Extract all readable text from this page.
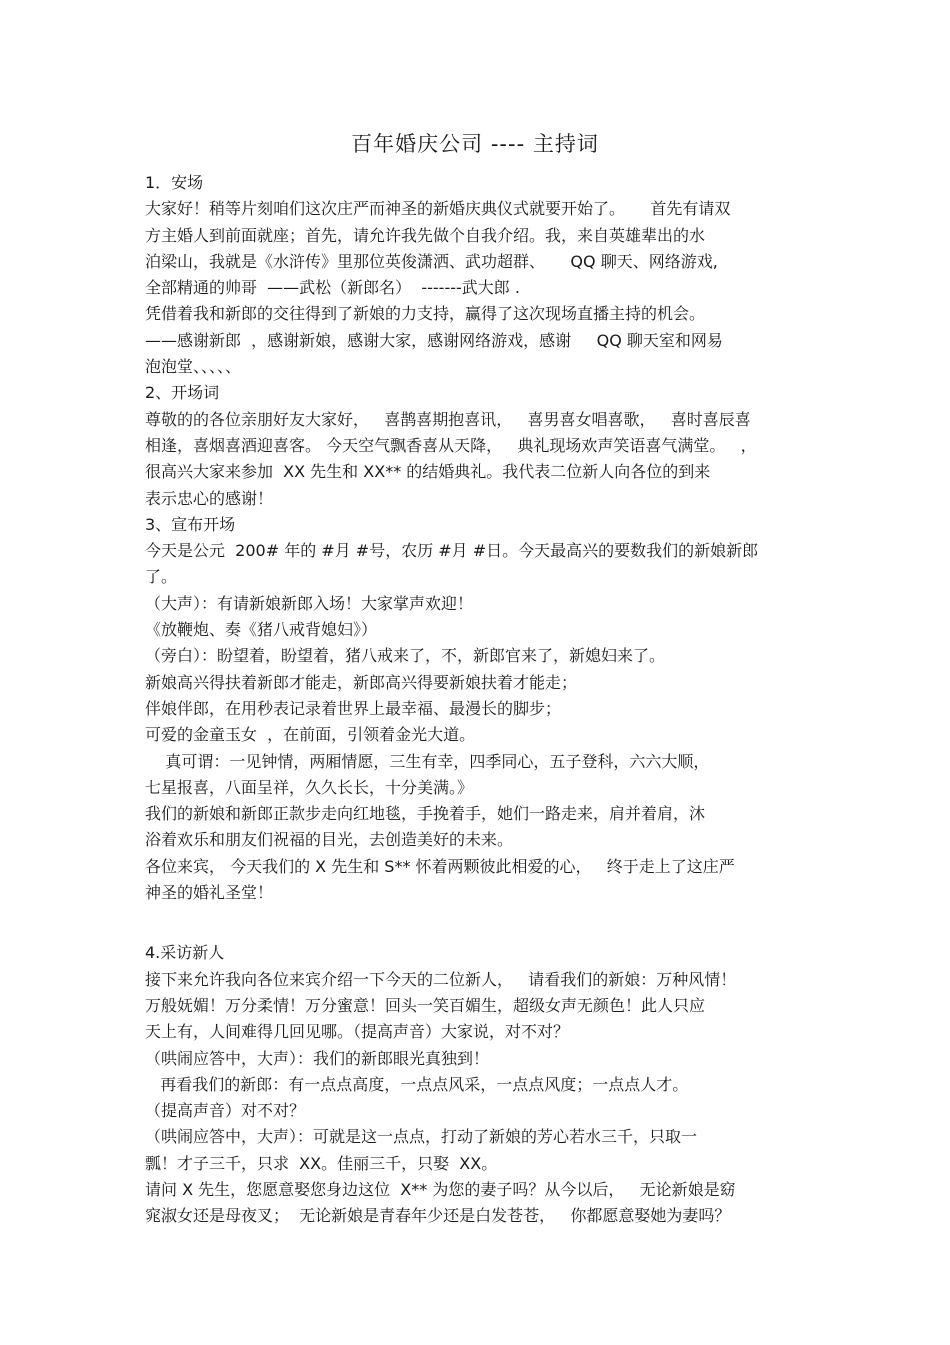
百年婚庆公司 ---- 主持词
1．安场
大家好！稍等片刻咱们这次庄严而神圣的新婚庆典仪式就要开始了。     首先有请双
方主婚人到前面就座；首先，请允许我先做个自我介绍。我，来自英雄辈出的水
泊梁山，我就是《水浒传》里那位英俊潇洒、武功超群、     QQ 聊天、网络游戏,
全部精通的帅哥  ——武松（新郎名）  -------武大郎 .
凭借着我和新郎的交往得到了新娘的力支持，赢得了这次现场直播主持的机会。
——感谢新郎  ，感谢新娘，感谢大家，感谢网络游戏，感谢     QQ 聊天室和网易
泡泡堂、、、、、
2、开场词
尊敬的的各位亲朋好友大家好，   喜鹊喜期抱喜讯，   喜男喜女唱喜歌，   喜时喜辰喜
相逢，喜烟喜酒迎喜客。 今天空气飘香喜从天降，   典礼现场欢声笑语喜气满堂。   ，
很高兴大家来参加  XX 先生和 XX** 的结婚典礼。我代表二位新人向各位的到来
表示忠心的感谢！
3、宣布开场
今天是公元  200# 年的 #月 #号，农历 #月 #日。今天最高兴的要数我们的新娘新郎
了。
（大声）：有请新娘新郎入场！大家掌声欢迎！
《放鞭炮、奏《猪八戒背媳妇》）
（旁白）：盼望着，盼望着，猪八戒来了，不，新郎官来了，新媳妇来了。
新娘高兴得扶着新郎才能走，新郎高兴得要新娘扶着才能走；
伴娘伴郎，在用秒表记录着世界上最幸福、最漫长的脚步；
可爱的金童玉女  ，在前面，引领着金光大道。
真可谓：一见钟情，两厢情愿，三生有幸，四季同心，五子登科，六六大顺，
七星报喜，八面呈祥，久久长长，十分美满。》
我们的新娘和新郎正款步走向红地毯，手挽着手，她们一路走来，肩并着肩，沐
浴着欢乐和朋友们祝福的目光，去创造美好的未来。
各位来宾， 今天我们的 X 先生和 S** 怀着两颗彼此相爱的心，   终于走上了这庄严
神圣的婚礼圣堂！
4.采访新人
接下来允许我向各位来宾介绍一下今天的二位新人，   请看我们的新娘：万种风情！
万般妩媚！万分柔情！万分蜜意！回头一笑百媚生，超级女声无颜色！此人只应
天上有，人间难得几回见哪。（提高声音）大家说，对不对？
（哄闹应答中，大声）：我们的新郎眼光真独到！
再看我们的新郎：有一点点高度，一点点风采，一点点风度；一点点人才。
（提高声音）对不对？
（哄闹应答中，大声）：可就是这一点点，打动了新娘的芳心若水三千，只取一
瓢！才子三千，只求  XX。佳丽三千，只娶  XX。
请问 X 先生，您愿意娶您身边这位  X** 为您的妻子吗？从今以后，   无论新娘是窈
窕淑女还是母夜叉；  无论新娘是青春年少还是白发苍苍，   你都愿意娶她为妻吗？
